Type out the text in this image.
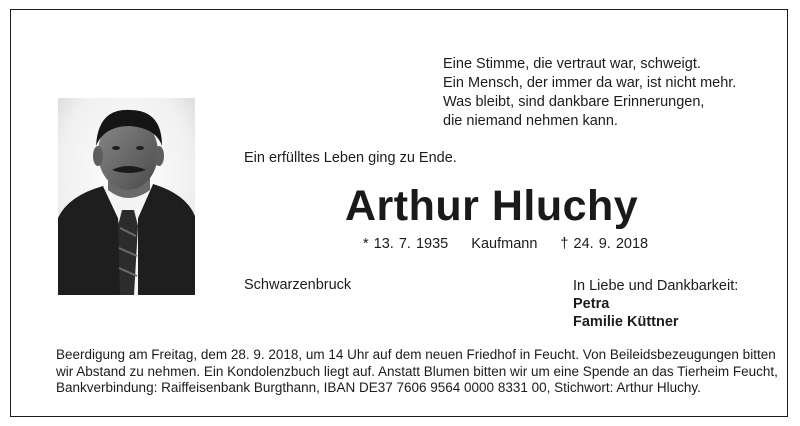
Eine Stimme, die vertraut war, schweigt.
Ein Mensch, der immer da war, ist nicht mehr.
Was bleibt, sind dankbare Erinnerungen,
die niemand nehmen kann.
Ein erfülltes Leben ging zu Ende.
Arthur Hluchy
* 13. 7. 1935 Kaufmann † 24. 9. 2018
Schwarzenbruck	In Liebe und Dankbarkeit:
Petra
Familie Küttner
Beerdigung am Freitag, dem 28. 9. 2018, um 14 Uhr auf dem neuen Friedhof in Feucht. Von Beileidsbezeugungen bitten
wir Abstand zu nehmen. Ein Kondolenzbuch liegt auf. Anstatt Blumen bitten wir um eine Spende an das Tierheim Feucht,
Bankverbindung: Raiffeisenbank Burgthann, IBAN DE37 7606 9564 0000 8331 00, Stichwort: Arthur Hluchy.
